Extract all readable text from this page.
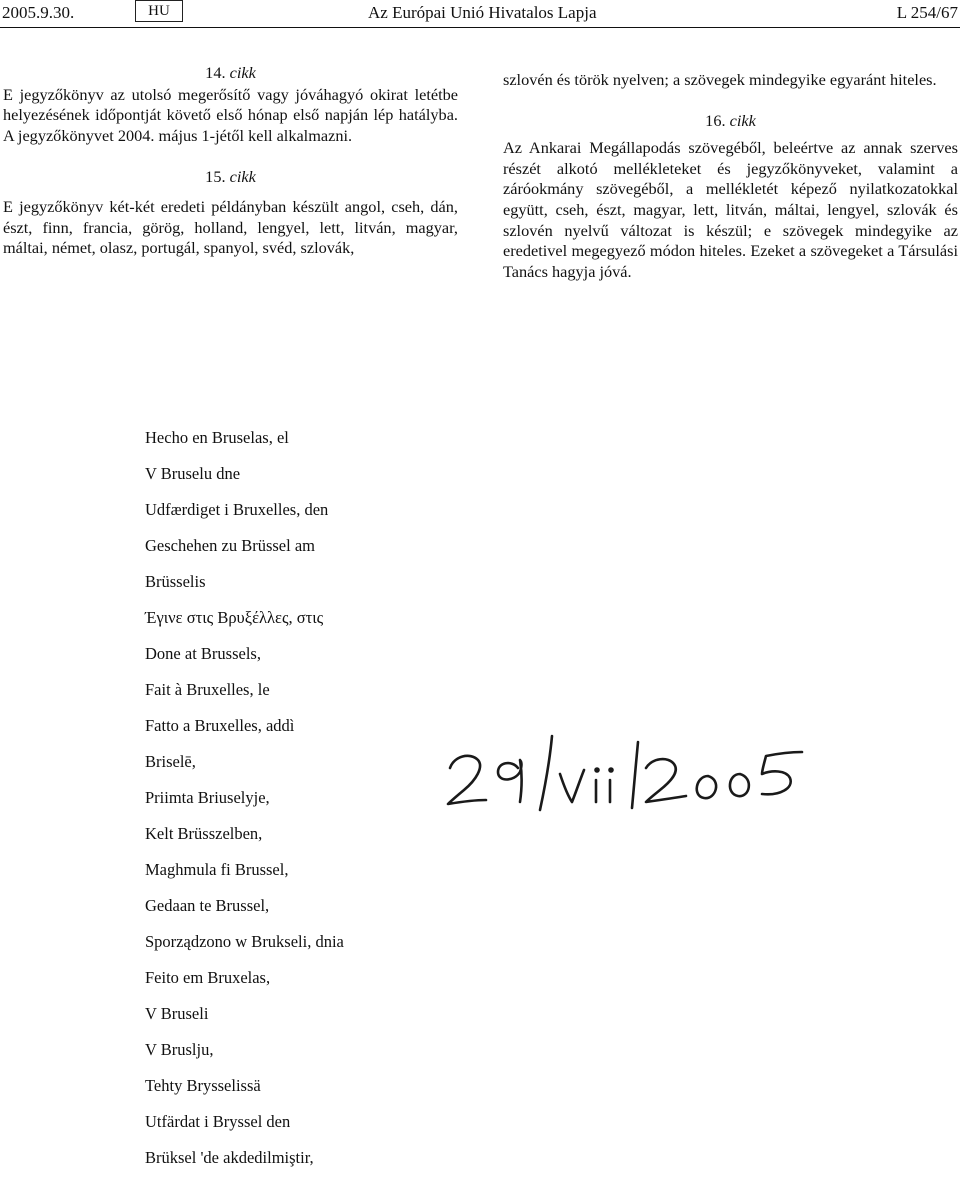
2005.9.30.	HU	Az Európai Unió Hivatalos Lapja	L 254/67
14. cikk

E jegyzőkönyv az utolsó megerősítő vagy jóváhagyó okirat letétbe helyezésének időpontját követő első hónap első napján lép hatályba. A jegyzőkönyvet 2004. május 1-jétől kell alkalmazni.

15. cikk

E jegyzőkönyv két-két eredeti példányban készült angol, cseh, dán, észt, finn, francia, görög, holland, lengyel, lett, litván, magyar, máltai, német, olasz, portugál, spanyol, svéd, szlovák,

szlovén és török nyelven; a szövegek mindegyike egyaránt hiteles.

16. cikk

Az Ankarai Megállapodás szövegéből, beleértve az annak szerves részét alkotó mellékleteket és jegyzőkönyveket, valamint a záróokmány szövegéből, a mellékletét képező nyilatkozatokkal együtt, cseh, észt, magyar, lett, litván, máltai, lengyel, szlovák és szlovén nyelvű változat is készül; e szövegek mindegyike az eredetivel megegyező módon hiteles. Ezeket a szövegeket a Társulási Tanács hagyja jóvá.

Hecho en Bruselas, el
V Bruselu dne
Udfærdiget i Bruxelles, den
Geschehen zu Brüssel am
Brüsselis
Έγινε στις Βρυξέλλες, στις
Done at Brussels,
Fait à Bruxelles, le
Fatto a Bruxelles, addì
Briselē,
Priimta Briuselyje,
Kelt Brüsszelben,
Maghmula fi Brussel,
Gedaan te Brussel,
Sporządzono w Brukseli, dnia
Feito em Bruxelas,
V Bruseli
V Bruslju,
Tehty Brysselissä
Utfärdat i Bryssel den
Brüksel 'de akdedilmiştir,
